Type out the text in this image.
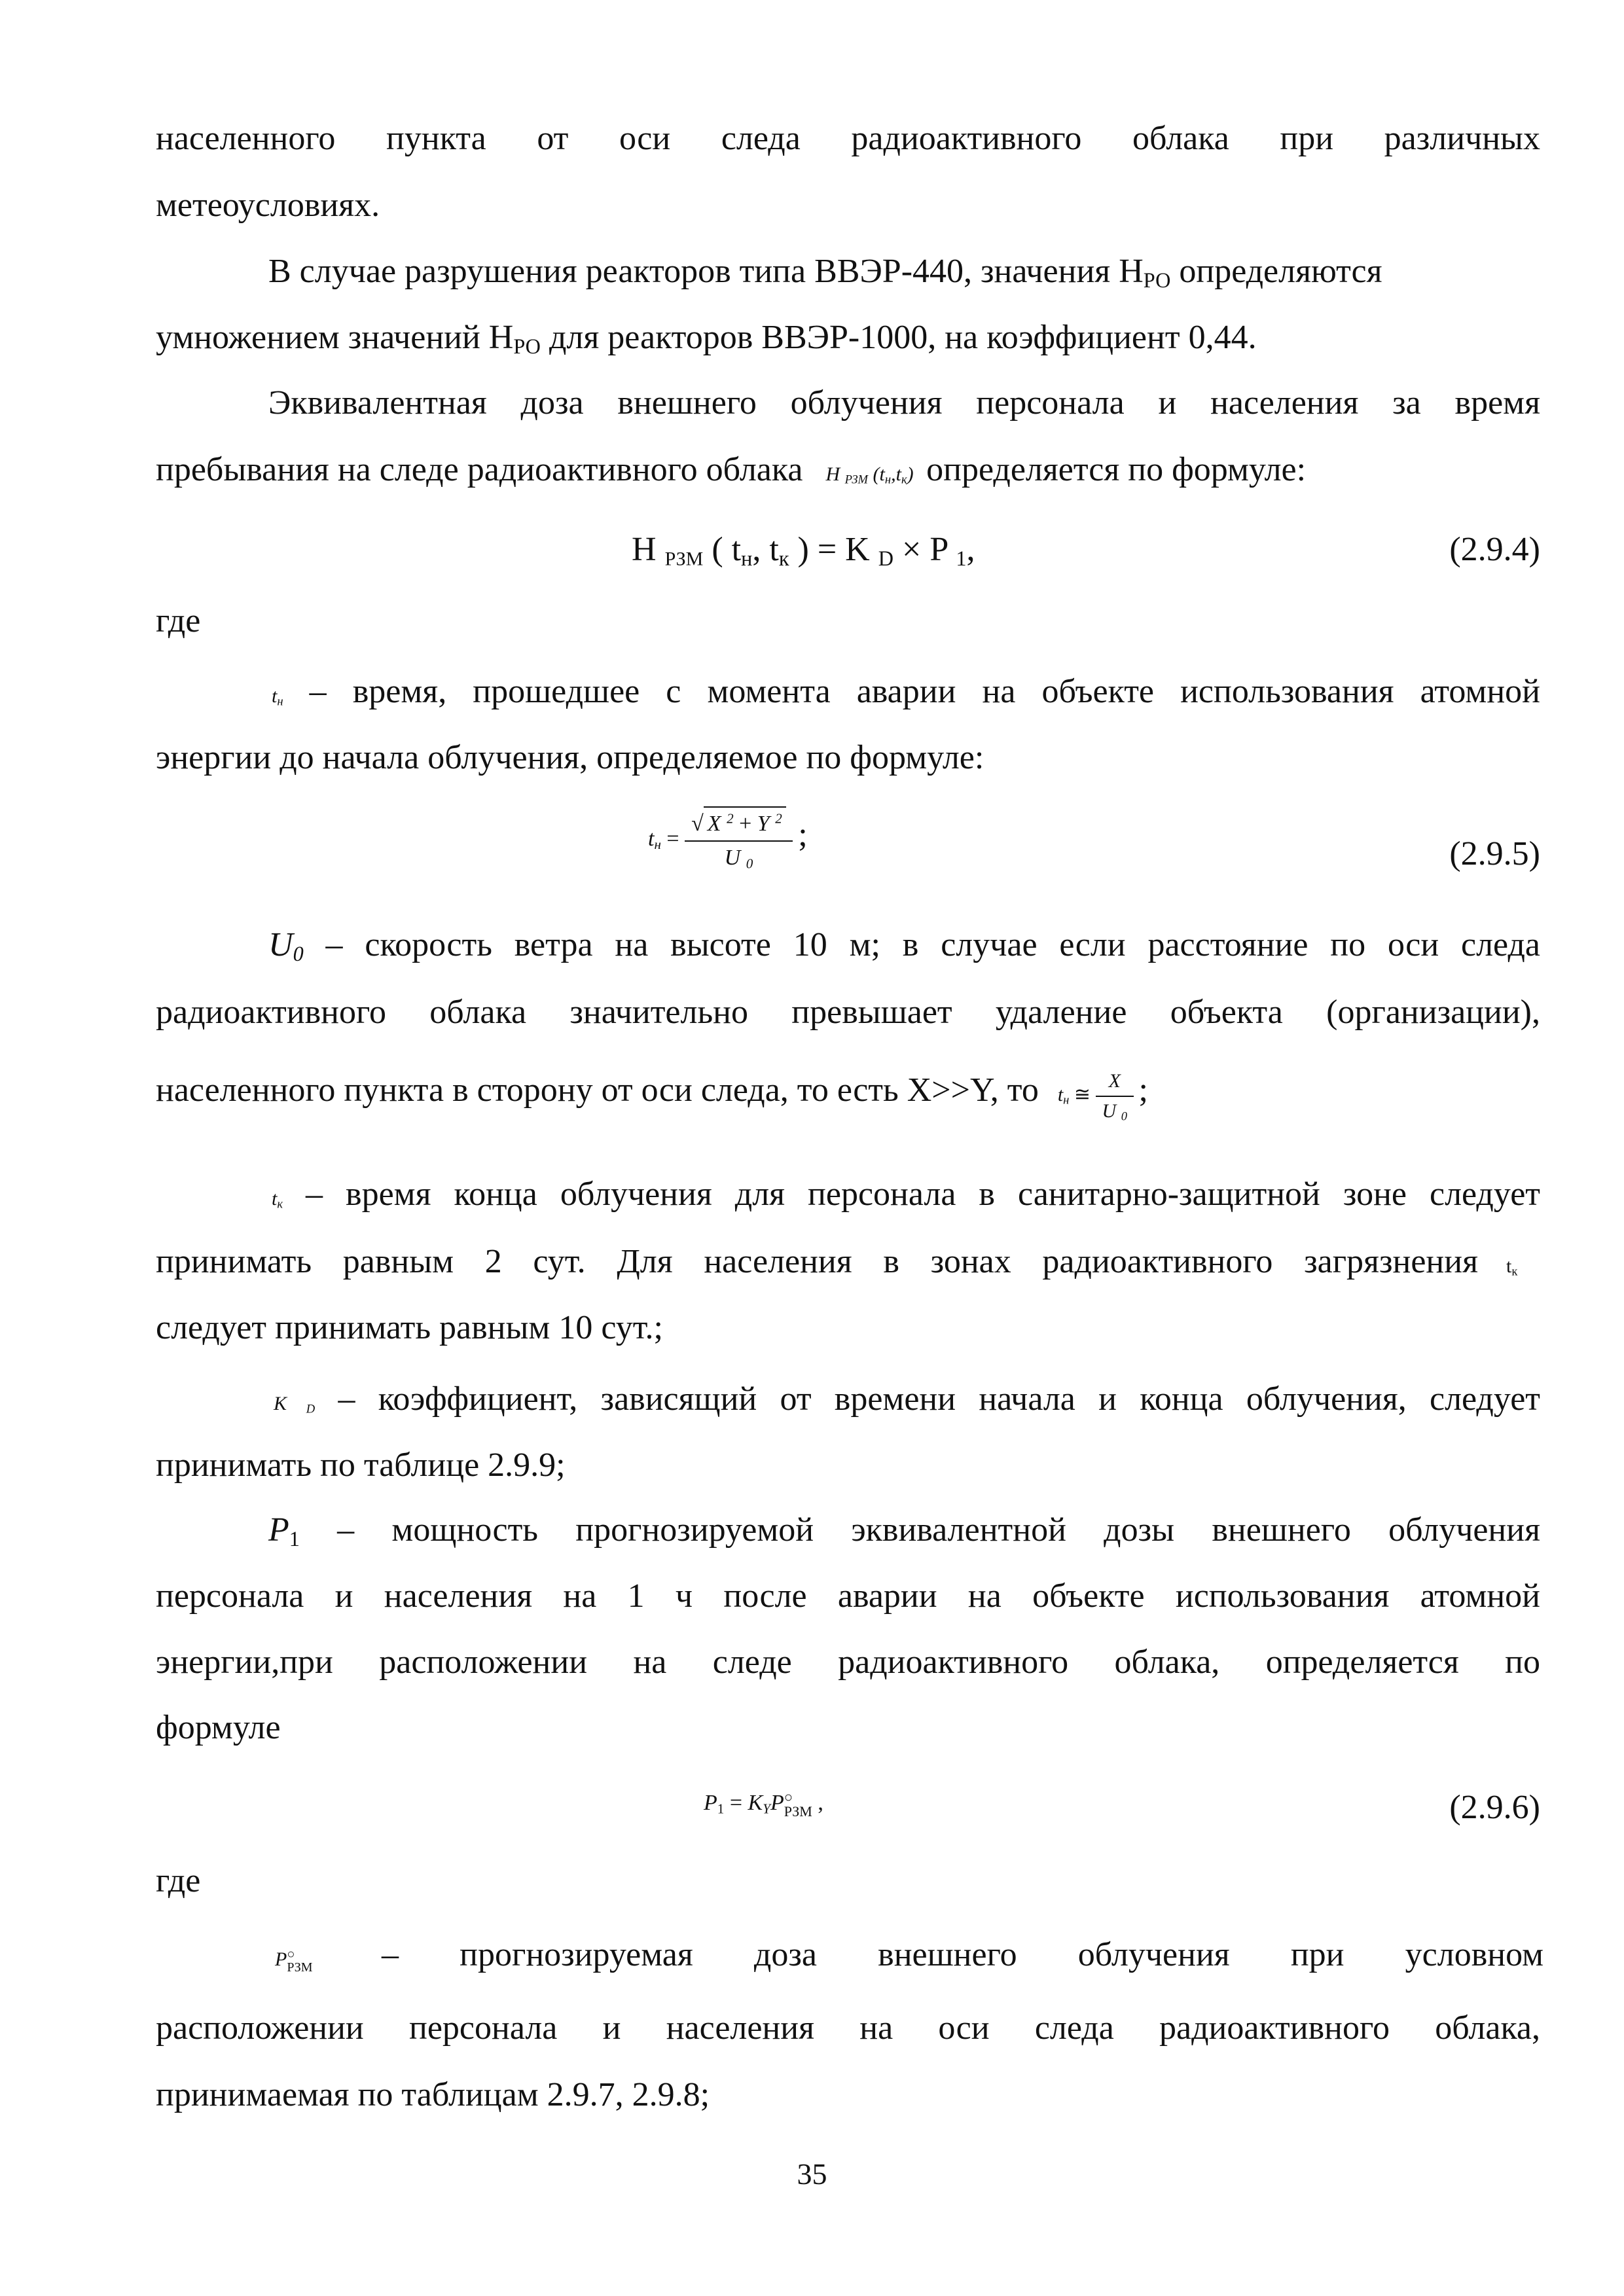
населенного пункта от оси следа радиоактивного облака при различных
метеоусловиях.
В случае разрушения реакторов типа ВВЭР-440, значения $Н_{РО}$ определяются
умножением значений $Н_{РО}$ для реакторов ВВЭР-1000, на коэффициент 0,44.
Эквивалентная доза внешнего облучения персонала и населения за время
пребывания на следе радиоактивного облака H $_{РЗМ}$ $(t_н,t_к)$ определяется по формуле:
Н $_{РЗМ}$ ( $t_н$, $t_к$ ) = K $_D$ × P $_1$,	(2.9.4)
где
$t_н$ – время, прошедшее с момента аварии на объекте использования атомной
энергии до начала облучения, определяемое по формуле:
$t_н = \frac{√ X ^2 + Y ^2}{U _0}$ ;
(2.9.5)
$U_0$ – скорость ветра на высоте 10 м; в случае если расстояние по оси следа
радиоактивного облака значительно превышает удаление объекта (организации),
населенного пункта в сторону от оси следа, то есть X>>Y, то $t_н$ ≅ $\frac{X}{U _0}$ ;
$t_к$ – время конца облучения для персонала в санитарно-защитной зоне следует
принимать равным 2 сут. Для населения в зонах радиоактивного загрязнения $t_к$
следует принимать равным 10 сут.;
K $_D$ – коэффициент, зависящий от времени начала и конца облучения, следует
принимать по таблице 2.9.9;
$P_1$ – мощность прогнозируемой эквивалентной дозы внешнего облучения
персонала и населения на 1 ч после аварии на объекте использования атомной
энергии,при расположении на следе радиоактивного облака, определяется по
формуле
$P_1 = K_YP$ ○
РЗМ ,	(2.9.6)
где
P ○
РЗМ – прогнозируемая доза внешнего облучения при условном
расположении персонала и населения на оси следа радиоактивного облака,
принимаемая по таблицам 2.9.7, 2.9.8;
35
